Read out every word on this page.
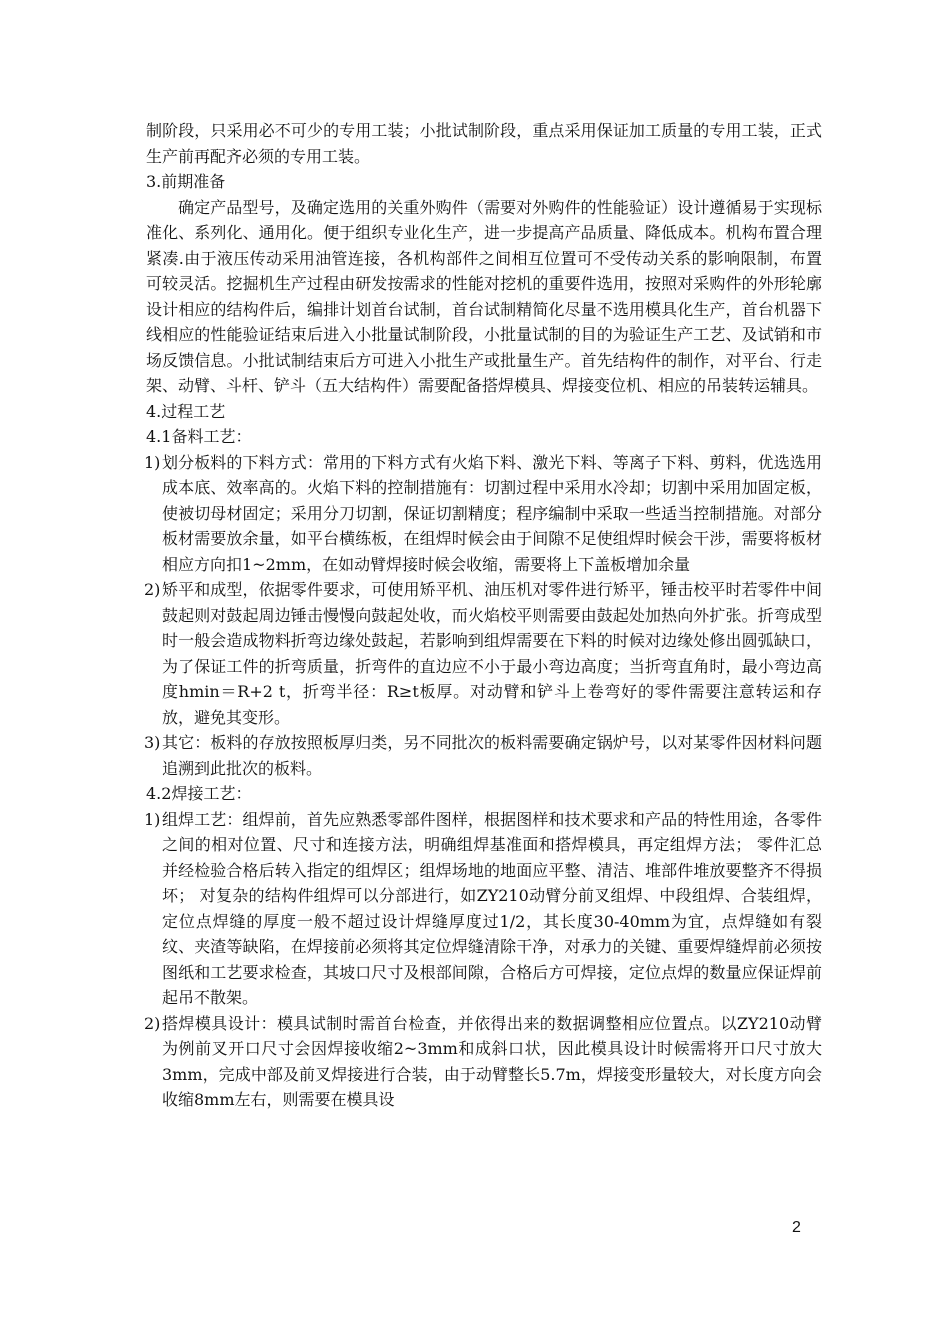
制阶段，只采用必不可少的专用工装；小批试制阶段，重点采用保证加工质量的专用工装，正式生产前再配齐必须的专用工装。

3.前期准备

确定产品型号，及确定选用的关重外购件（需要对外购件的性能验证）设计遵循易于实现标准化、系列化、通用化。便于组织专业化生产，进一步提高产品质量、降低成本。机构布置合理紧凑.由于液压传动采用油管连接，各机构部件之间相互位置可不受传动关系的影响限制，布置可较灵活。挖掘机生产过程由研发按需求的性能对挖机的重要件选用，按照对采购件的外形轮廓设计相应的结构件后，编排计划首台试制，首台试制精简化尽量不选用模具化生产，首台机器下线相应的性能验证结束后进入小批量试制阶段，小批量试制的目的为验证生产工艺、及试销和市场反馈信息。小批试制结束后方可进入小批生产或批量生产。首先结构件的制作，对平台、行走架、动臂、斗杆、铲斗（五大结构件）需要配备搭焊模具、焊接变位机、相应的吊装转运辅具。

4.过程工艺

4.1备料工艺：

1) 划分板料的下料方式：常用的下料方式有火焰下料、激光下料、等离子下料、剪料，优选选用成本底、效率高的。火焰下料的控制措施有：切割过程中采用水冷却；切割中采用加固定板，使被切母材固定；采用分刀切割，保证切割精度；程序编制中采取一些适当控制措施。对部分板材需要放余量，如平台横练板，在组焊时候会由于间隙不足使组焊时候会干涉，需要将板材相应方向扣1~2mm，在如动臂焊接时候会收缩，需要将上下盖板增加余量
2) 矫平和成型，依据零件要求，可使用矫平机、油压机对零件进行矫平，锤击校平时若零件中间鼓起则对鼓起周边锤击慢慢向鼓起处收，而火焰校平则需要由鼓起处加热向外扩张。折弯成型时一般会造成物料折弯边缘处鼓起，若影响到组焊需要在下料的时候对边缘处修出圆弧缺口，为了保证工件的折弯质量，折弯件的直边应不小于最小弯边高度；当折弯直角时，最小弯边高度hmin＝R+2 t，折弯半径：R≥t板厚。对动臂和铲斗上卷弯好的零件需要注意转运和存放，避免其变形。
3) 其它：板料的存放按照板厚归类，另不同批次的板料需要确定锅炉号，以对某零件因材料问题追溯到此批次的板料。

4.2焊接工艺：

1) 组焊工艺：组焊前，首先应熟悉零部件图样，根据图样和技术要求和产品的特性用途，各零件之间的相对位置、尺寸和连接方法，明确组焊基准面和搭焊模具，再定组焊方法； 零件汇总并经检验合格后转入指定的组焊区；组焊场地的地面应平整、清洁、堆部件堆放要整齐不得损坏； 对复杂的结构件组焊可以分部进行，如ZY210动臂分前叉组焊、中段组焊、合装组焊，定位点焊缝的厚度一般不超过设计焊缝厚度过1/2，其长度30-40mm为宜，点焊缝如有裂纹、夹渣等缺陷，在焊接前必须将其定位焊缝清除干净，对承力的关键、重要焊缝焊前必须按图纸和工艺要求检查，其坡口尺寸及根部间隙，合格后方可焊接，定位点焊的数量应保证焊前起吊不散架。
2) 搭焊模具设计：模具试制时需首台检查，并依得出来的数据调整相应位置点。以ZY210动臂为例前叉开口尺寸会因焊接收缩2~3mm和成斜口状，因此模具设计时候需将开口尺寸放大3mm，完成中部及前叉焊接进行合装，由于动臂整长5.7m，焊接变形量较大，对长度方向会收缩8mm左右，则需要在模具设
2
